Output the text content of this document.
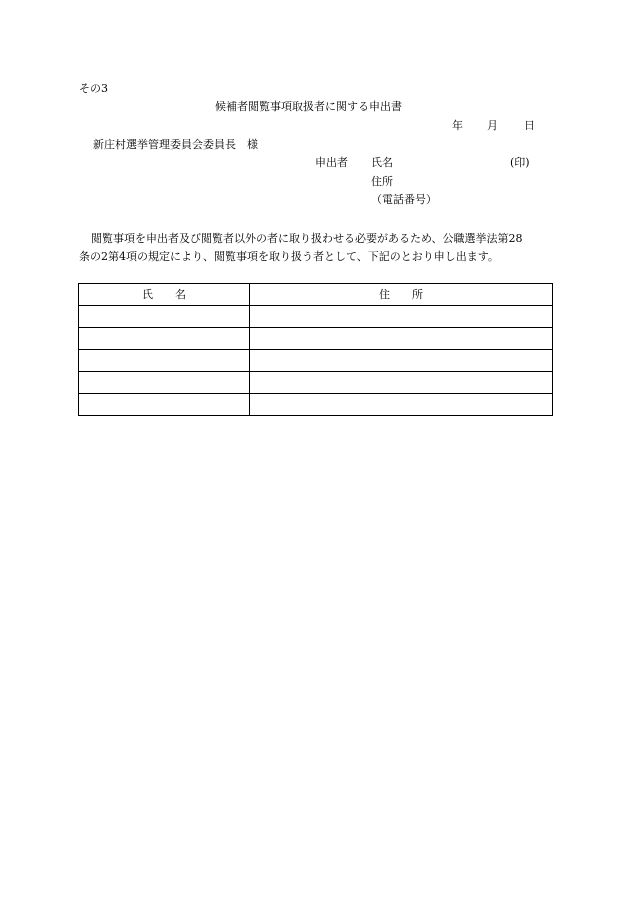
その3
候補者閲覧事項取扱者に関する申出書
年 月 日
新庄村選挙管理委員会委員長　様
申出者 氏名	(印)
住所
（電話番号）
閲覧事項を申出者及び閲覧者以外の者に取り扱わせる必要があるため、公職選挙法第28
条の2第4項の規定により、閲覧事項を取り扱う者として、下記のとおり申し出ます。
氏　　名	住　　所
